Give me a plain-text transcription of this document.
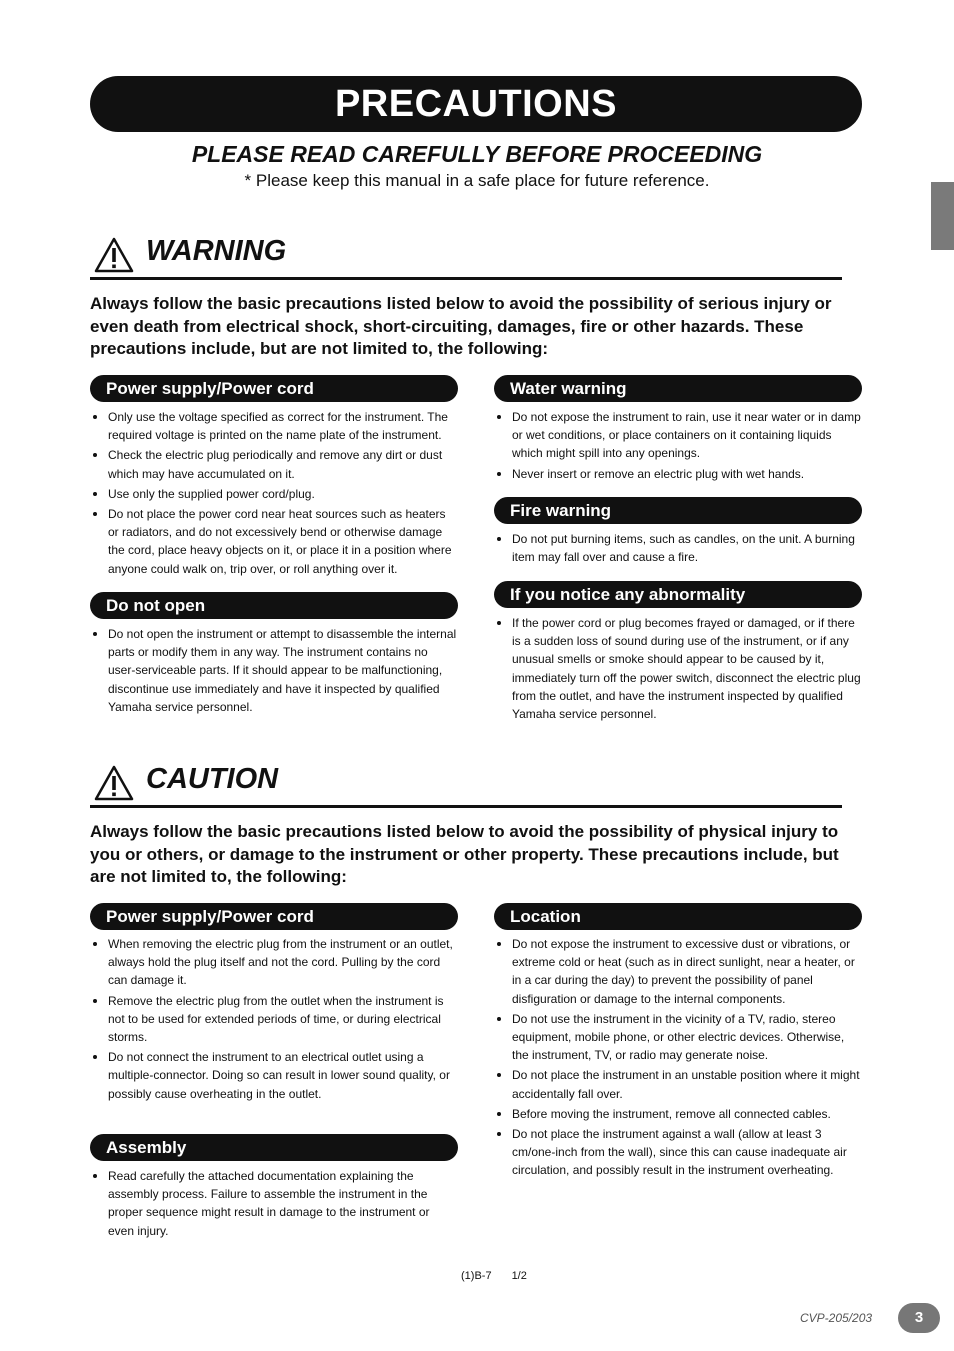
PRECAUTIONS
PLEASE READ CAREFULLY BEFORE PROCEEDING
* Please keep this manual in a safe place for future reference.
WARNING
Always follow the basic precautions listed below to avoid the possibility of serious injury or even death from electrical shock, short-circuiting, damages, fire or other hazards. These precautions include, but are not limited to, the following:
Power supply/Power cord
Only use the voltage specified as correct for the instrument. The required voltage is printed on the name plate of the instrument.
Check the electric plug periodically and remove any dirt or dust which may have accumulated on it.
Use only the supplied power cord/plug.
Do not place the power cord near heat sources such as heaters or radiators, and do not excessively bend or otherwise damage the cord, place heavy objects on it, or place it in a position where anyone could walk on, trip over, or roll anything over it.
Do not open
Do not open the instrument or attempt to disassemble the internal parts or modify them in any way. The instrument contains no user-serviceable parts. If it should appear to be malfunctioning, discontinue use immediately and have it inspected by qualified Yamaha service personnel.
Water warning
Do not expose the instrument to rain, use it near water or in damp or wet conditions, or place containers on it containing liquids which might spill into any openings.
Never insert or remove an electric plug with wet hands.
Fire warning
Do not put burning items, such as candles, on the unit. A burning item may fall over and cause a fire.
If you notice any abnormality
If the power cord or plug becomes frayed or damaged, or if there is a sudden loss of sound during use of the instrument, or if any unusual smells or smoke should appear to be caused by it, immediately turn off the power switch, disconnect the electric plug from the outlet, and have the instrument inspected by qualified Yamaha service personnel.
CAUTION
Always follow the basic precautions listed below to avoid the possibility of physical injury to you or others, or damage to the instrument or other property. These precautions include, but are not limited to, the following:
Power supply/Power cord
When removing the electric plug from the instrument or an outlet, always hold the plug itself and not the cord. Pulling by the cord can damage it.
Remove the electric plug from the outlet when the instrument is not to be used for extended periods of time, or during electrical storms.
Do not connect the instrument to an electrical outlet using a multiple-connector. Doing so can result in lower sound quality, or possibly cause overheating in the outlet.
Assembly
Read carefully the attached documentation explaining the assembly process. Failure to assemble the instrument in the proper sequence might result in damage to the instrument or even injury.
Location
Do not expose the instrument to excessive dust or vibrations, or extreme cold or heat (such as in direct sunlight, near a heater, or in a car during the day) to prevent the possibility of panel disfiguration or damage to the internal components.
Do not use the instrument in the vicinity of a TV, radio, stereo equipment, mobile phone, or other electric devices. Otherwise, the instrument, TV, or radio may generate noise.
Do not place the instrument in an unstable position where it might accidentally fall over.
Before moving the instrument, remove all connected cables.
Do not place the instrument against a wall (allow at least 3 cm/one-inch from the wall), since this can cause inadequate air circulation, and possibly result in the instrument overheating.
(1)B-7 1/2
CVP-205/203	3
